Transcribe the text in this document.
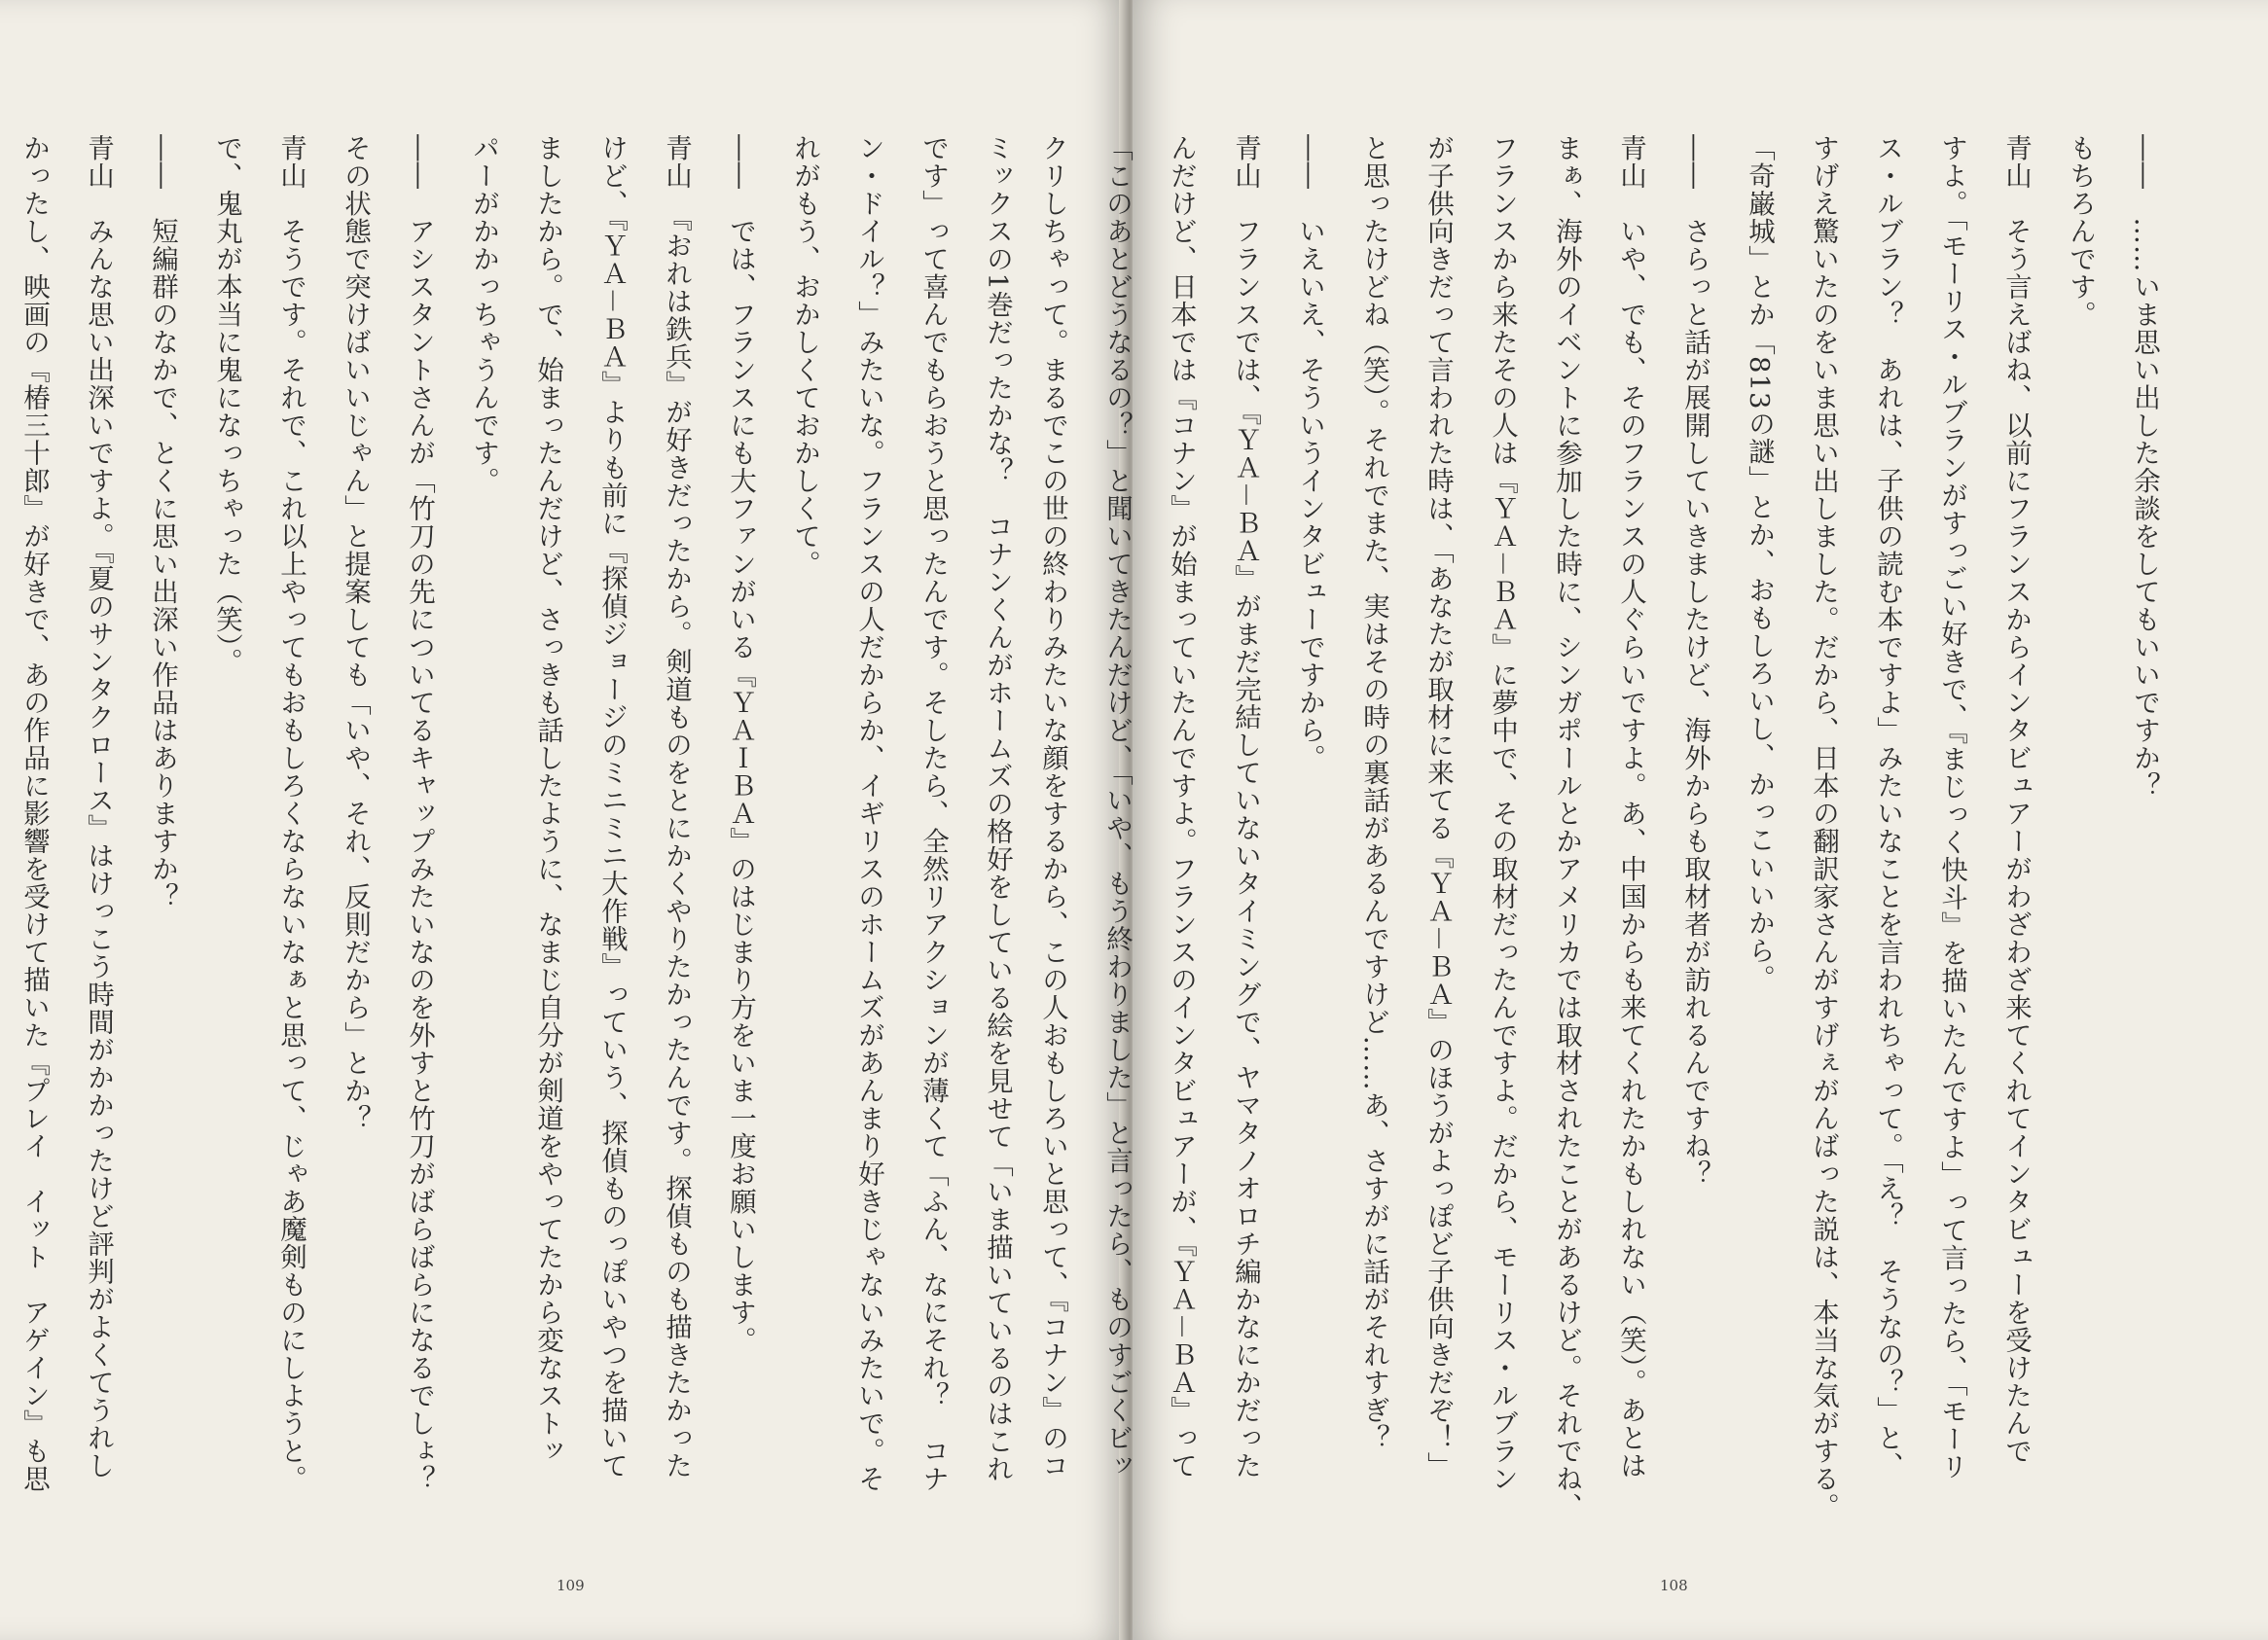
ミックスの1巻だったかな？　コナンくんがホームズの格好をしている絵を見せて「いま描いているのはこれ
です」って喜んでもらおうと思ったんです。そしたら、全然リアクションが薄くて「ふん、なにそれ？　コナ
ン・ドイル？」みたいな。フランスの人だからか、イギリスのホームズがあんまり好きじゃないみたいで。そ
れがもう、おかしくておかしくて。
――　では、フランスにも大ファンがいる『ＹＡＩＢＡ』のはじまり方をいま一度お願いします。
青山　『おれは鉄兵』が好きだったから。剣道ものをとにかくやりたかったんです。探偵ものも描きたかった
けど、『ＹＡ－ＢＡ』よりも前に『探偵ジョージのミニミニ大作戦』っていう、探偵ものっぽいやつを描いて
ましたから。で、始まったんだけど、さっきも話したように、なまじ自分が剣道をやってたから変なストッ
パーがかかっちゃうんです。
――　アシスタントさんが「竹刀の先についてるキャップみたいなのを外すと竹刀がばらばらになるでしょ？
その状態で突けばいいじゃん」と提案しても「いや、それ、反則だから」とか？
青山　そうです。それで、これ以上やってもおもしろくならないなぁと思って、じゃあ魔剣ものにしようと。
で、鬼丸が本当に鬼になっちゃった（笑）。
――　短編群のなかで、とくに思い出深い作品はありますか？
青山　みんな思い出深いですよ。『夏のサンタクロース』はけっこう時間がかかったけど評判がよくてうれし
かったし、映画の『椿三十郎』が好きで、あの作品に影響を受けて描いた『プレイ　イット　アゲイン』も思
109
――　……いま思い出した余談をしてもいいですか？
もちろんです。
青山　そう言えばね、以前にフランスからインタビュアーがわざわざ来てくれてインタビューを受けたんで
すよ。「モーリス・ルブランがすっごい好きで、『まじっく快斗』を描いたんですよ」って言ったら、「モーリ
ス・ルブラン？　あれは、子供の読む本ですよ」みたいなことを言われちゃって。「え？　そうなの？」と、
すげえ驚いたのをいま思い出しました。だから、日本の翻訳家さんがすげぇがんばった説は、本当な気がする。
「奇巌城」とか「813の謎」とか、おもしろいし、かっこいいから。
――　さらっと話が展開していきましたけど、海外からも取材者が訪れるんですね？
青山　いや、でも、そのフランスの人ぐらいですよ。あ、中国からも来てくれたかもしれない（笑）。あとは
まぁ、海外のイベントに参加した時に、シンガポールとかアメリカでは取材されたことがあるけど。それでね、
フランスから来たその人は『ＹＡ－ＢＡ』に夢中で、その取材だったんですよ。だから、モーリス・ルブラン
が子供向きだって言われた時は、「あなたが取材に来てる『ＹＡ－ＢＡ』のほうがよっぽど子供向きだぞ！」
と思ったけどね（笑）。それでまた、実はその時の裏話があるんですけど……あ、さすがに話がそれすぎ？
――　いえいえ、そういうインタビューですから。
青山　フランスでは、『ＹＡ－ＢＡ』がまだ完結していないタイミングで、ヤマタノオロチ編かなにかだった
んだけど、日本では『コナン』が始まっていたんですよ。フランスのインタビュアーが、『ＹＡ－ＢＡ』って
「このあとどうなるの？」と聞いてきたんだけど、「いや、もう終わりました」と言ったら、ものすごくビッ
クリしちゃって。まるでこの世の終わりみたいな顔をするから、この人おもしろいと思って、『コナン』のコ
108
